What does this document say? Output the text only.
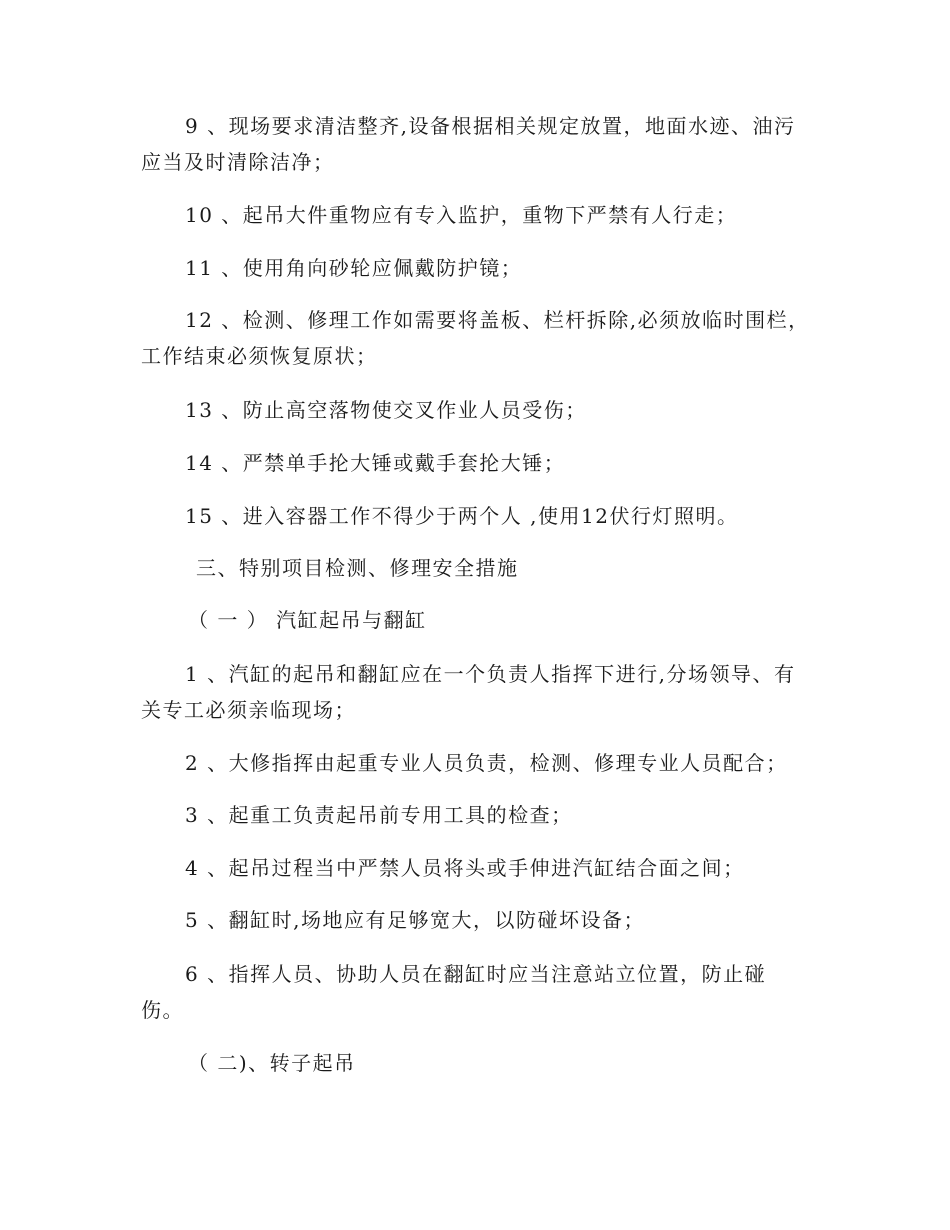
9 、现场要求清洁整齐,设备根据相关规定放置，地面水迹、油污
应当及时清除洁净；
10 、起吊大件重物应有专入监护，重物下严禁有人行走；
11 、使用角向砂轮应佩戴防护镜；
12 、检测、修理工作如需要将盖板、栏杆拆除,必须放临时围栏，
工作结束必须恢复原状；
13 、防止高空落物使交叉作业人员受伤；
14 、严禁单手抡大锤或戴手套抡大锤；
15 、进入容器工作不得少于两个人 ,使用12伏行灯照明。
三、特别项目检测、修理安全措施
（ 一 ） 汽缸起吊与翻缸
1 、汽缸的起吊和翻缸应在一个负责人指挥下进行,分场领导、有
关专工必须亲临现场；
2 、大修指挥由起重专业人员负责，检测、修理专业人员配合；
3 、起重工负责起吊前专用工具的检查；
4 、起吊过程当中严禁人员将头或手伸进汽缸结合面之间；
5 、翻缸时,场地应有足够宽大，以防碰坏设备；
6 、指挥人员、协助人员在翻缸时应当注意站立位置，防止碰
伤。
（ 二)、转子起吊
